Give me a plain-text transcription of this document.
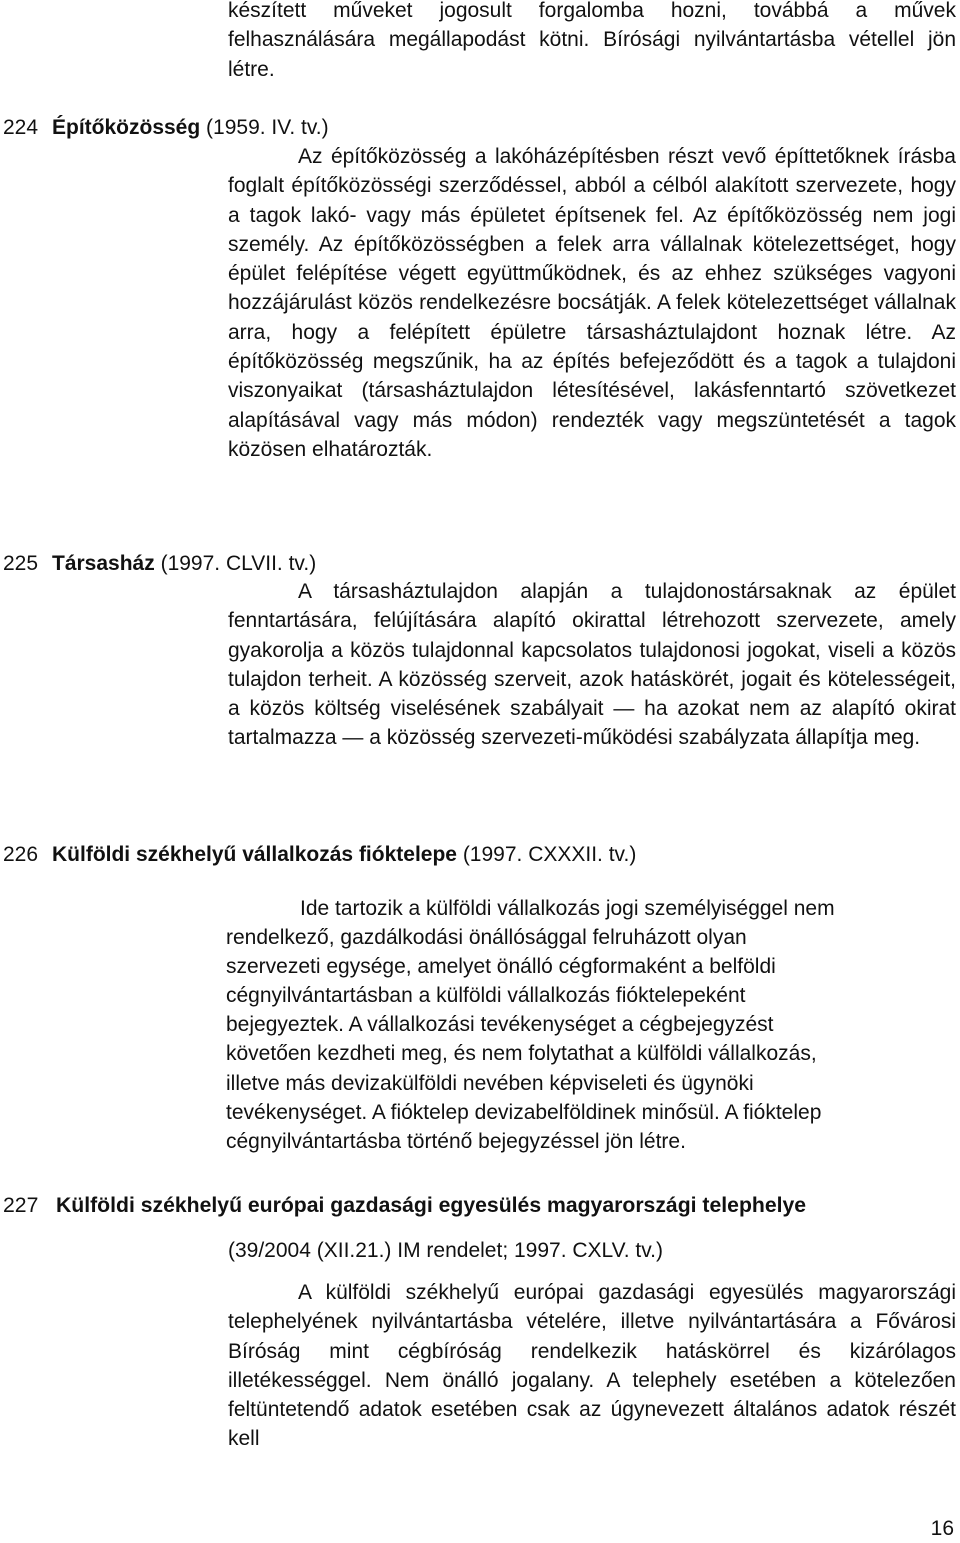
készített műveket jogosult forgalomba hozni, továbbá a művek felhasználására megállapodást kötni. Bírósági nyilvántartásba vétellel jön létre.

224 Építőközösség (1959. IV. tv.)

Az építőközösség a lakóházépítésben részt vevő építtetőknek írásba foglalt építőközösségi szerződéssel, abból a célból alakított szervezete, hogy a tagok lakó- vagy más épületet építsenek fel. Az építőközösség nem jogi személy. Az építőközösségben a felek arra vállalnak kötelezettséget, hogy épület felépítése végett együttműködnek, és az ehhez szükséges vagyoni hozzájárulást közös rendelkezésre bocsátják. A felek kötelezettséget vállalnak arra, hogy a felépített épületre társasháztulajdont hoznak létre. Az építőközösség megszűnik, ha az építés befejeződött és a tagok a tulajdoni viszonyaikat (társasháztulajdon létesítésével, lakásfenntartó szövetkezet alapításával vagy más módon) rendezték vagy megszüntetését a tagok közösen elhatározták.

225 Társasház (1997. CLVII. tv.)

A társasháztulajdon alapján a tulajdonostársaknak az épület fenntartására, felújítására alapító okirattal létrehozott szervezete, amely gyakorolja a közös tulajdonnal kapcsolatos tulajdonosi jogokat, viseli a közös tulajdon terheit. A közösség szerveit, azok hatáskörét, jogait és kötelességeit, a közös költség viselésének szabályait — ha azokat nem az alapító okirat tartalmazza — a közösség szervezeti-működési szabályzata állapítja meg.

226 Külföldi székhelyű vállalkozás fióktelepe (1997. CXXXII. tv.)

Ide tartozik a külföldi vállalkozás jogi személyiséggel nem
rendelkező, gazdálkodási önállósággal felruházott olyan
szervezeti egysége, amelyet önálló cégformaként a belföldi
cégnyilvántartásban a külföldi vállalkozás fióktelepeként
bejegyeztek. A vállalkozási tevékenységet a cégbejegyzést
követően kezdheti meg, és nem folytathat a külföldi vállalkozás,
illetve más devizakülföldi nevében képviseleti és ügynöki
tevékenységet. A fióktelep devizabelföldinek minősül. A fióktelep
cégnyilvántartásba történő bejegyzéssel jön létre.

227 Külföldi székhelyű európai gazdasági egyesülés magyarországi telephelye

(39/2004 (XII.21.) IM rendelet; 1997. CXLV. tv.)

A külföldi székhelyű európai gazdasági egyesülés magyarországi telephelyének nyilvántartásba vételére, illetve nyilvántartására a Fővárosi Bíróság mint cégbíróság rendelkezik hatáskörrel és kizárólagos illetékességgel. Nem önálló jogalany. A telephely esetében a kötelezően feltüntetendő adatok esetében csak az úgynevezett általános adatok részét kell

16
